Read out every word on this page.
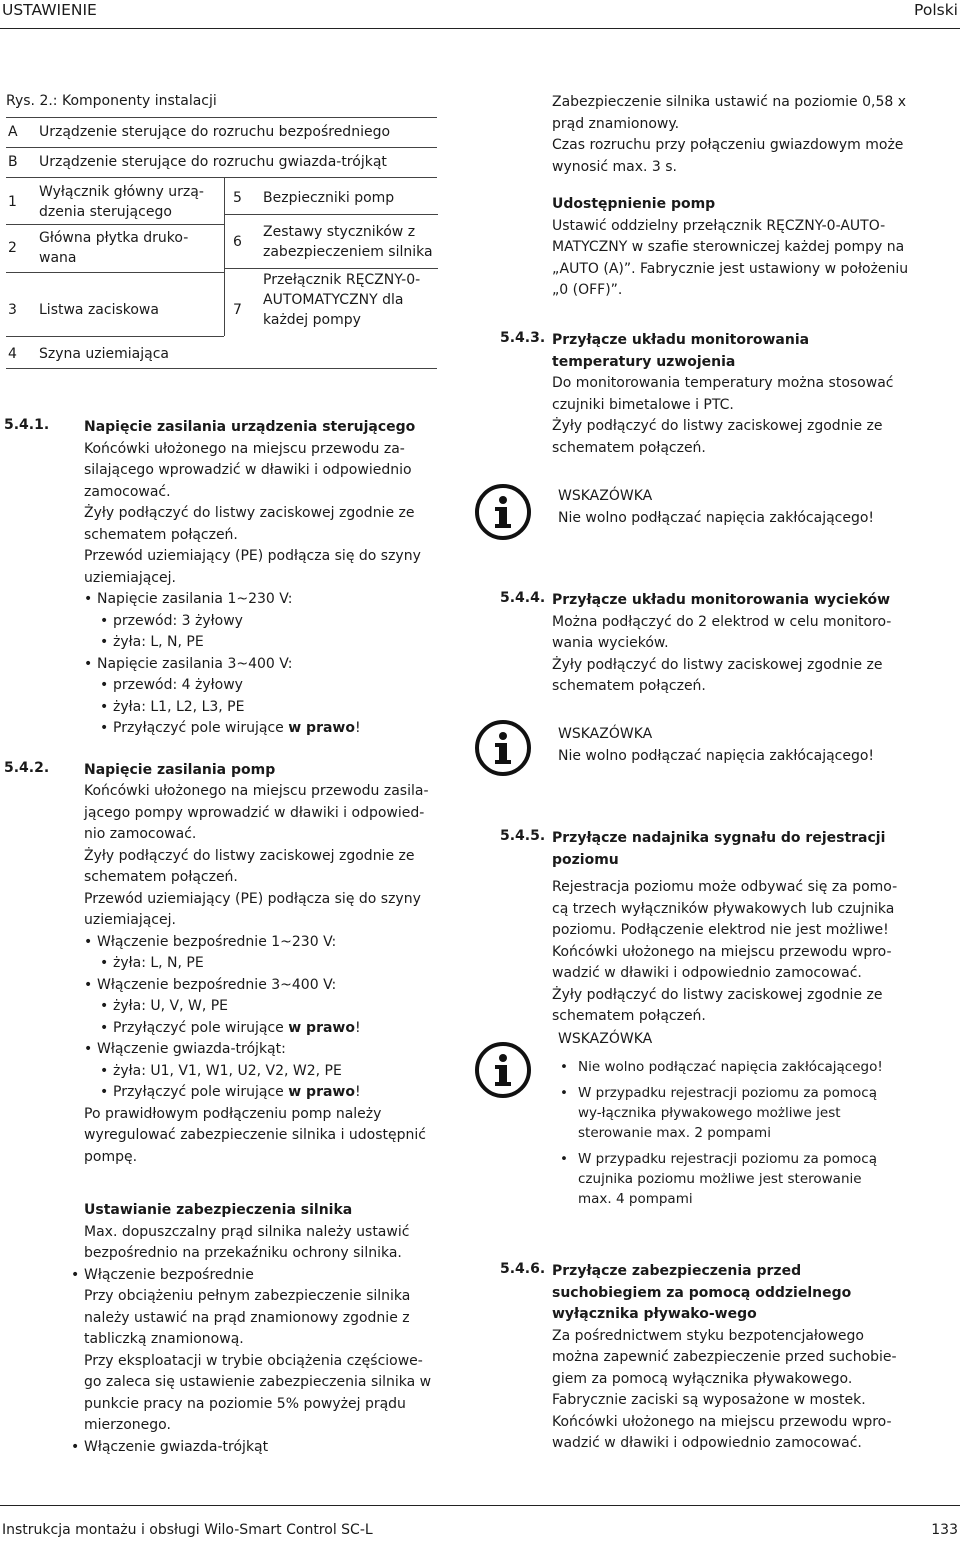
USTAWIENIE	Polski
Rys. 2.: Komponenty instalacji
A Urządzenie sterujące do rozruchu bezpośredniego
B Urządzenie sterujące do rozruchu gwiazda-trójkąt
1
Wyłącznik główny urzą-dzenia sterującego
2
Główna płytka druko-wana
3 Listwa zaciskowa
4 Szyna uziemiająca
5 Bezpieczniki pomp
6
Zestawy styczników z zabezpieczeniem silnika
7
Przełącznik RĘCZNY-0-AUTOMATYCZNY dla każdej pompy
5.4.1. Napięcie zasilania urządzenia sterującego

Końcówki ułożonego na miejscu przewodu za-silającego wprowadzić w dławiki i odpowiednio zamocować.

Żyły podłączyć do listwy zaciskowej zgodnie ze schematem połączeń.

Przewód uziemiający (PE) podłącza się do szyny uziemiającej.

• Napięcie zasilania 1~230 V:

• przewód: 3 żyłowy

• żyła: L, N, PE

• Napięcie zasilania 3~400 V:

• przewód: 4 żyłowy

• żyła: L1, L2, L3, PE

• Przyłączyć pole wirujące w prawo!

5.4.2. Napięcie zasilania pomp

Końcówki ułożonego na miejscu przewodu zasila-jącego pompy wprowadzić w dławiki i odpowied-nio zamocować.

Żyły podłączyć do listwy zaciskowej zgodnie ze schematem połączeń.

Przewód uziemiający (PE) podłącza się do szyny uziemiającej.

• Włączenie bezpośrednie 1~230 V:

• żyła: L, N, PE

• Włączenie bezpośrednie 3~400 V:

• żyła: U, V, W, PE

• Przyłączyć pole wirujące w prawo!

• Włączenie gwiazda-trójkąt:

• żyła: U1, V1, W1, U2, V2, W2, PE

• Przyłączyć pole wirujące w prawo!

Po prawidłowym podłączeniu pomp należy wyregulować zabezpieczenie silnika i udostępnić pompę.

Ustawianie zabezpieczenia silnika

Max. dopuszczalny prąd silnika należy ustawić bezpośrednio na przekaźniku ochrony silnika.

• Włączenie bezpośrednie

Przy obciążeniu pełnym zabezpieczenie silnika należy ustawić na prąd znamionowy zgodnie z tabliczką znamionową.

Przy eksploatacji w trybie obciążenia częściowe-go zaleca się ustawienie zabezpieczenia silnika w punkcie pracy na poziomie 5% powyżej prądu mierzonego.

• Włączenie gwiazda-trójkąt

Zabezpieczenie silnika ustawić na poziomie 0,58 x prąd znamionowy.

Czas rozruchu przy połączeniu gwiazdowym może wynosić max. 3 s.

Udostępnienie pomp

Ustawić oddzielny przełącznik RĘCZNY-0-AUTO-MATYCZNY w szafie sterowniczej każdej pompy na „AUTO (A)”. Fabrycznie jest ustawiony w położeniu „0 (OFF)”.

5.4.3. Przyłącze układu monitorowania temperatury uzwojenia

Do monitorowania temperatury można stosować czujniki bimetalowe i PTC.

Żyły podłączyć do listwy zaciskowej zgodnie ze schematem połączeń.

WSKAZÓWKA
Nie wolno podłączać napięcia zakłócającego!
5.4.4. Przyłącze układu monitorowania wycieków

Można podłączyć do 2 elektrod w celu monitoro-wania wycieków.

Żyły podłączyć do listwy zaciskowej zgodnie ze schematem połączeń.

WSKAZÓWKA
Nie wolno podłączać napięcia zakłócającego!
5.4.5. Przyłącze nadajnika sygnału do rejestracji poziomu

Rejestracja poziomu może odbywać się za pomo-cą trzech wyłączników pływakowych lub czujnika poziomu. Podłączenie elektrod nie jest możliwe!

Końcówki ułożonego na miejscu przewodu wpro-wadzić w dławiki i odpowiednio zamocować.

Żyły podłączyć do listwy zaciskowej zgodnie ze schematem połączeń.

WSKAZÓWKA

• Nie wolno podłączać napięcia zakłócającego!

• W przypadku rejestracji poziomu za pomocą wy-łącznika pływakowego możliwe jest sterowanie max. 2 pompami

• W przypadku rejestracji poziomu za pomocą czujnika poziomu możliwe jest sterowanie max. 4 pompami

5.4.6. Przyłącze zabezpieczenia przed suchobiegiem za pomocą oddzielnego wyłącznika pływako-wego

Za pośrednictwem styku bezpotencjałowego można zapewnić zabezpieczenie przed suchobie-giem za pomocą wyłącznika pływakowego.

Fabrycznie zaciski są wyposażone w mostek.

Końcówki ułożonego na miejscu przewodu wpro-wadzić w dławiki i odpowiednio zamocować.

Instrukcja montażu i obsługi Wilo-Smart Control SC-L	133
